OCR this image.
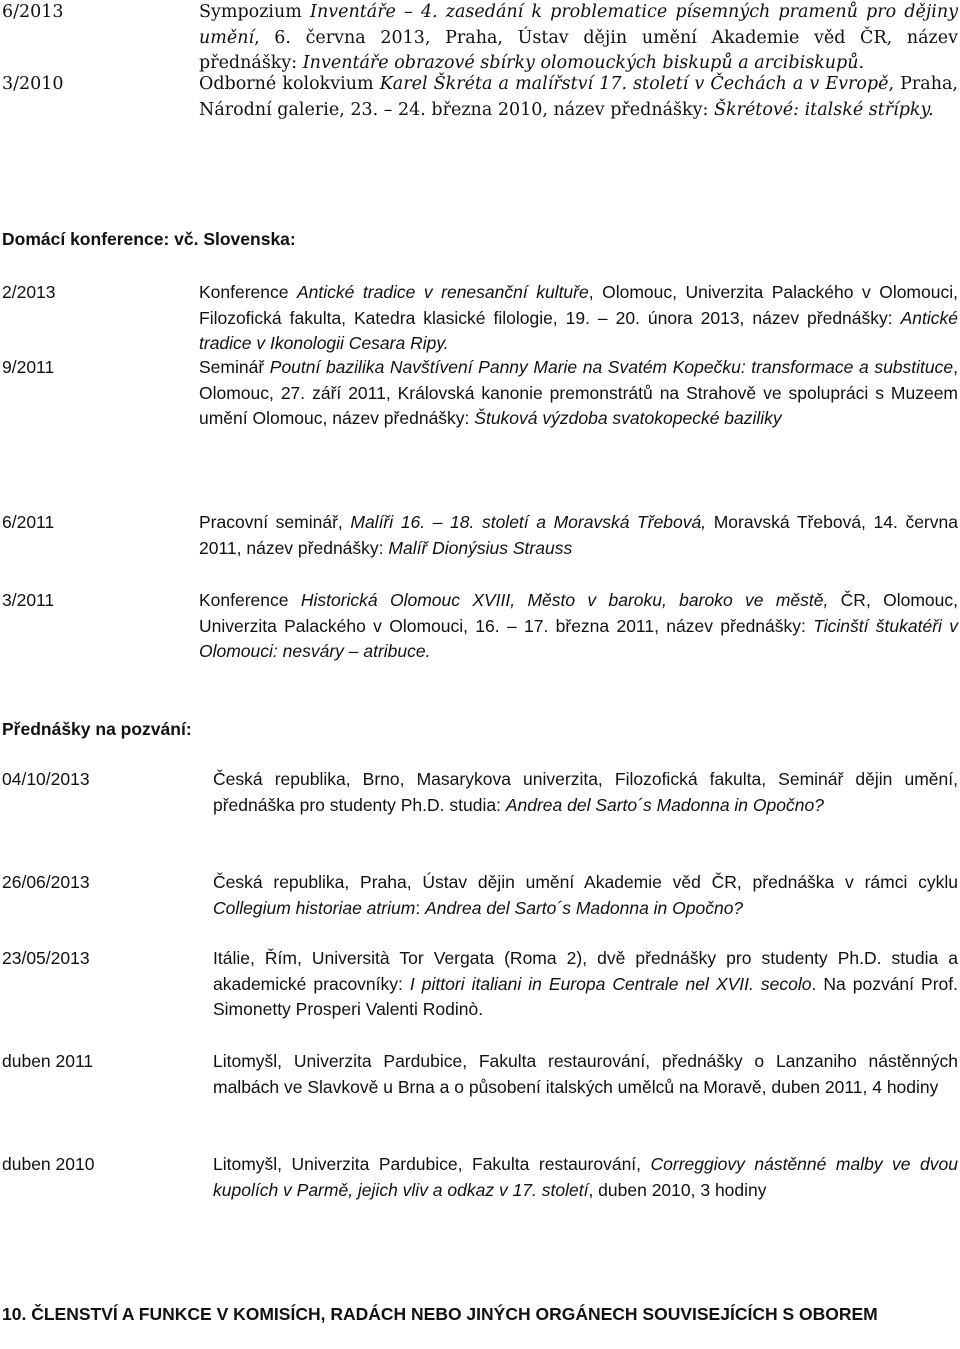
6/2013	Sympozium Inventáře – 4. zasedání k problematice písemných pramenů pro dějiny umění, 6. června 2013, Praha, Ústav dějin umění Akademie věd ČR, název přednášky: Inventáře obrazové sbírky olomouckých biskupů a arcibiskupů.
3/2010	Odborné kolokvium Karel Škréta a malířství 17. století v Čechách a v Evropě, Praha, Národní galerie, 23. – 24. března 2010, název přednášky: Škrétové: italské střípky.
Domácí konference: vč. Slovenska:
2/2013	Konference Antické tradice v renesanční kultuře, Olomouc, Univerzita Palackého v Olomouci, Filozofická fakulta, Katedra klasické filologie, 19. – 20. února 2013, název přednášky: Antické tradice v Ikonologii Cesara Ripy.
9/2011	Seminář Poutní bazilika Navštívení Panny Marie na Svatém Kopečku: transformace a substituce, Olomouc, 27. září 2011, Královská kanonie premonstrátů na Strahově ve spolupráci s Muzeem umění Olomouc, název přednášky: Štuková výzdoba svatokopecké baziliky
6/2011	Pracovní seminář, Malíři 16. – 18. století a Moravská Třebová, Moravská Třebová, 14. června 2011, název přednášky: Malíř Dionýsius Strauss
3/2011	Konference Historická Olomouc XVIII, Město v baroku, baroko ve městě, ČR, Olomouc, Univerzita Palackého v Olomouci, 16. – 17. března 2011, název přednášky: Ticinští štukatéři v Olomouci: nesváry – atribuce.
Přednášky na pozvání:
04/10/2013	Česká republika, Brno, Masarykova univerzita, Filozofická fakulta, Seminář dějin umění, přednáška pro studenty Ph.D. studia: Andrea del Sarto´s Madonna in Opočno?
26/06/2013	Česká republika, Praha, Ústav dějin umění Akademie věd ČR, přednáška v rámci cyklu Collegium historiae atrium: Andrea del Sarto´s Madonna in Opočno?
23/05/2013	Itálie, Řím, Università Tor Vergata (Roma 2), dvě přednášky pro studenty Ph.D. studia a akademické pracovníky: I pittori italiani in Europa Centrale nel XVII. secolo. Na pozvání Prof. Simonetty Prosperi Valenti Rodinò.
duben 2011	Litomyšl, Univerzita Pardubice, Fakulta restaurování, přednášky o Lanzaniho nástěnných malbách ve Slavkově u Brna a o působení italských umělců na Moravě, duben 2011, 4 hodiny
duben 2010	Litomyšl, Univerzita Pardubice, Fakulta restaurování, Correggiovy nástěnné malby ve dvou kupolích v Parmě, jejich vliv a odkaz v 17. století, duben 2010, 3 hodiny
10. ČLENSTVÍ A FUNKCE V KOMISÍCH, RADÁCH NEBO JINÝCH ORGÁNECH SOUVISEJÍCÍCH S OBOREM
